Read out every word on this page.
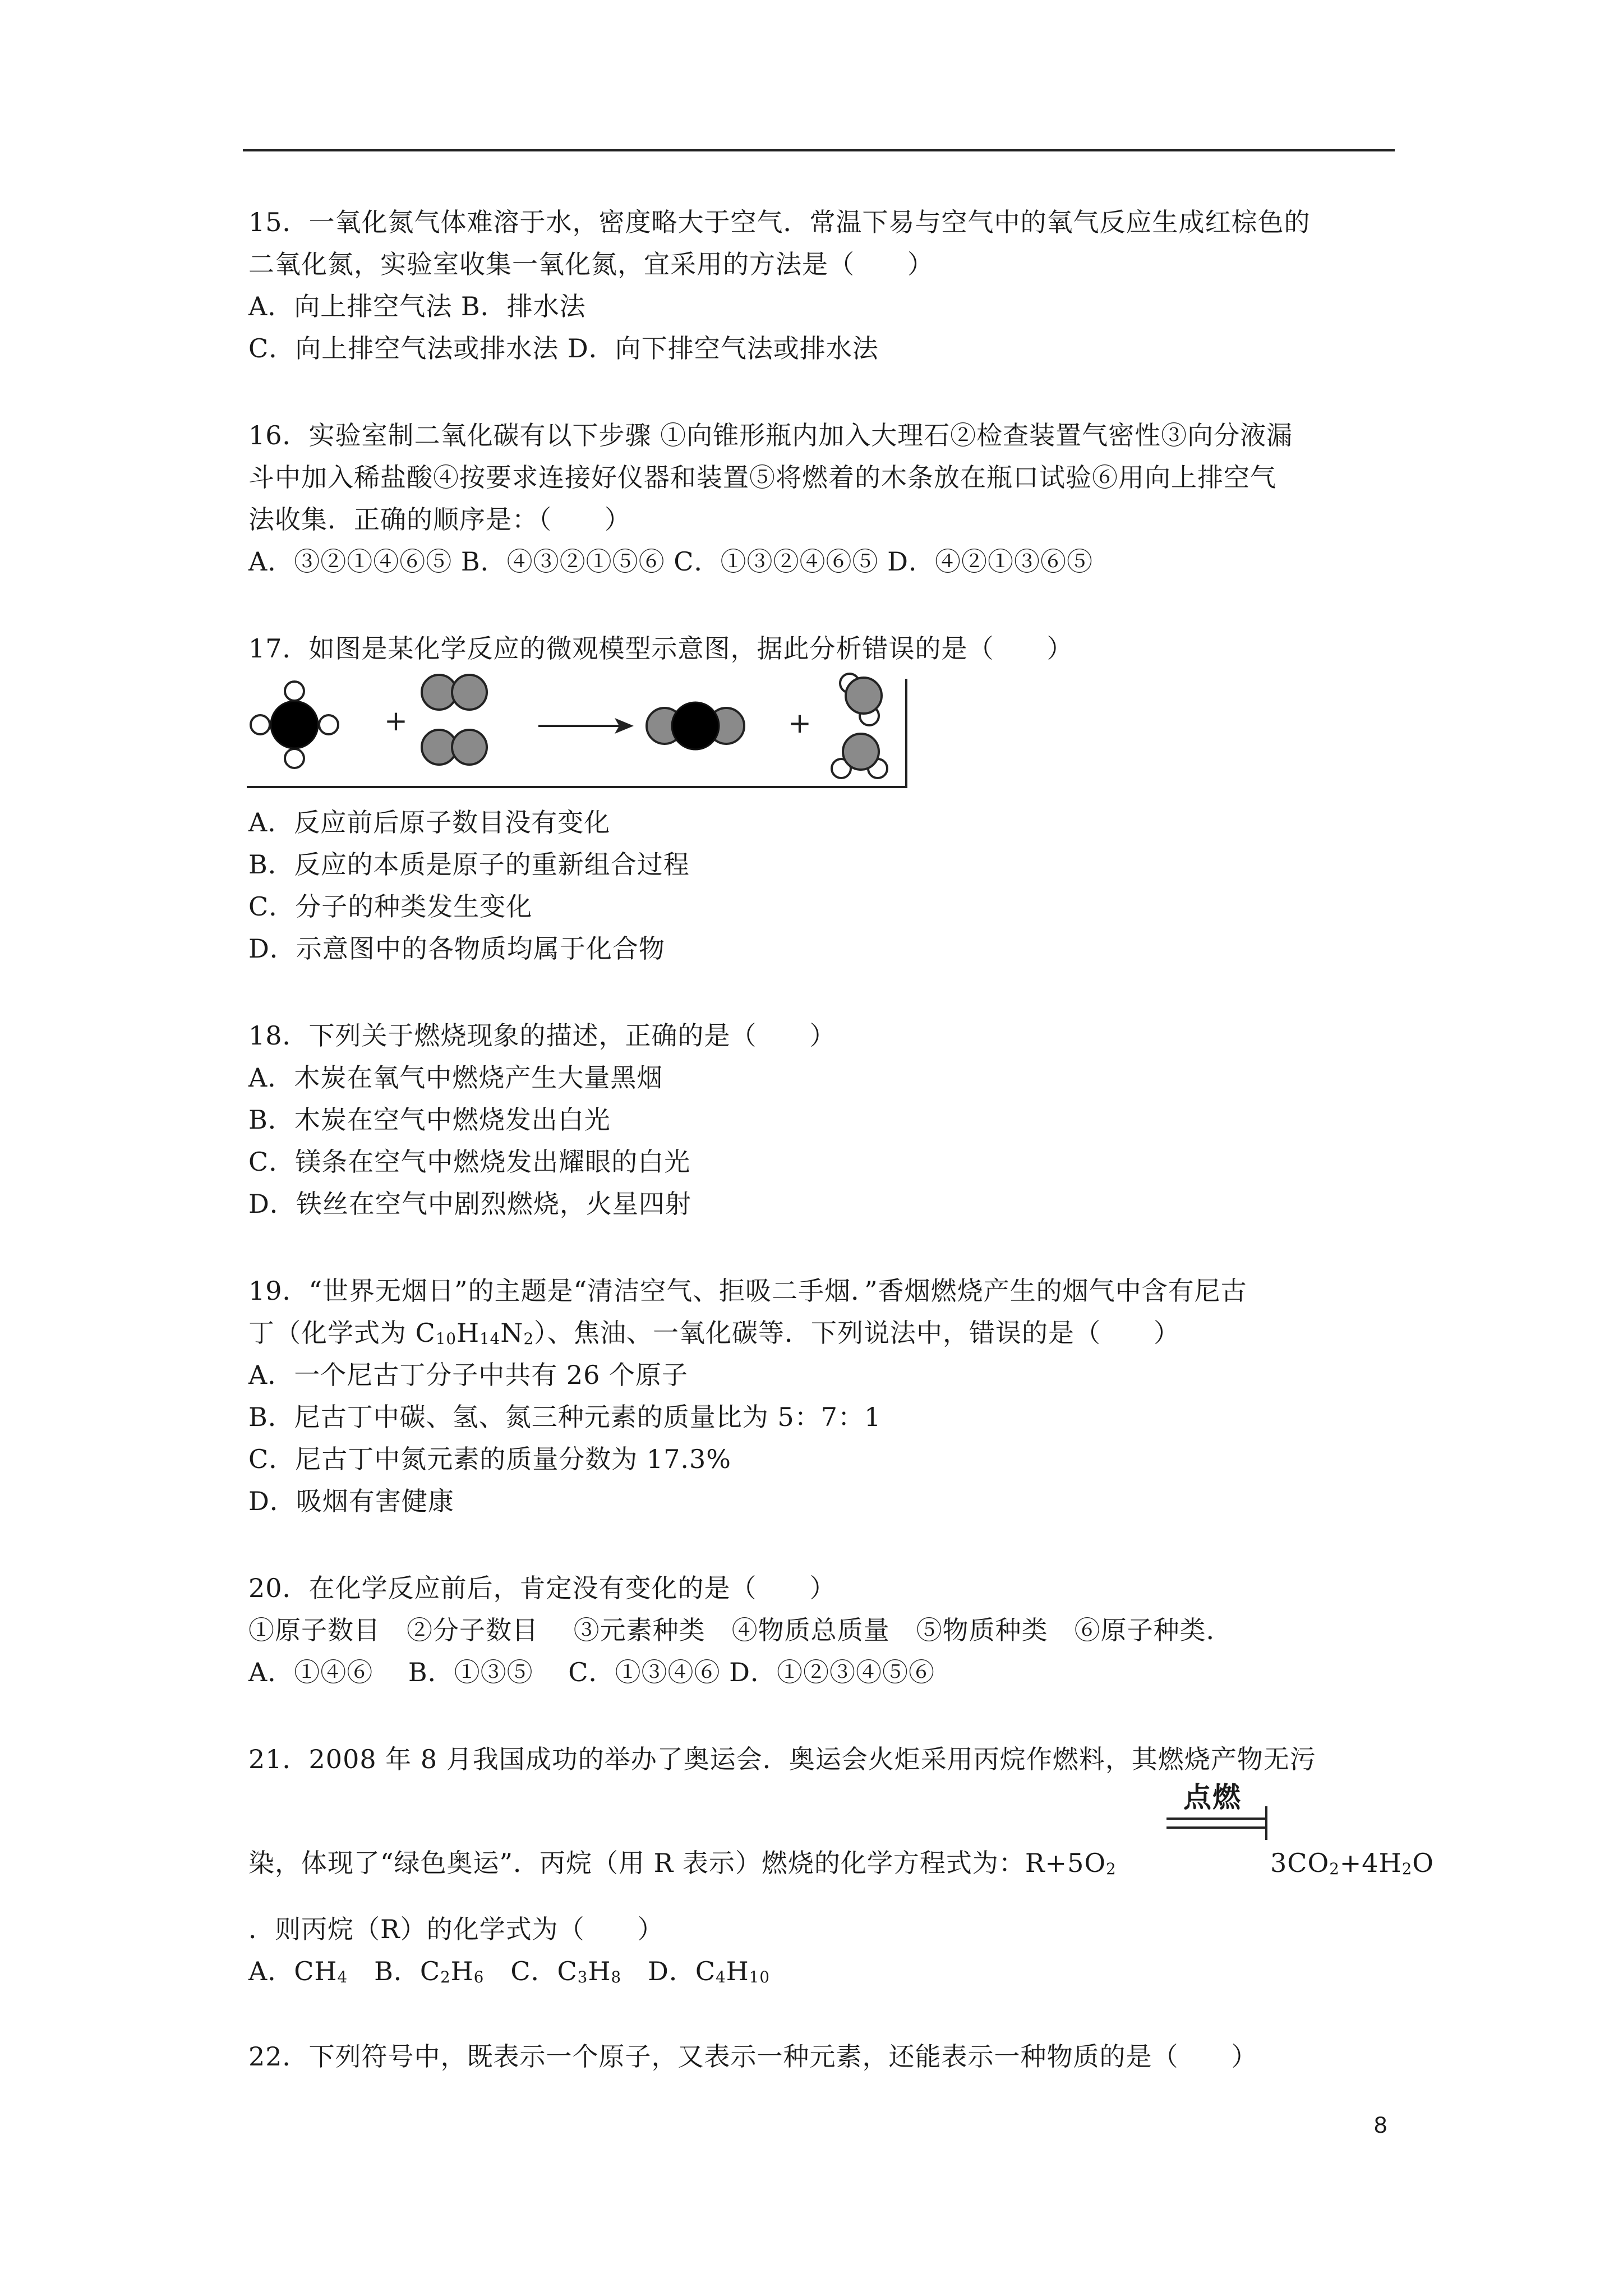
15．一氧化氮气体难溶于水，密度略大于空气．常温下易与空气中的氧气反应生成红棕色的
二氧化氮，实验室收集一氧化氮，宜采用的方法是（　　）
A．向上排空气法 B．排水法
C．向上排空气法或排水法 D．向下排空气法或排水法
16．实验室制二氧化碳有以下步骤 ①向锥形瓶内加入大理石②检查装置气密性③向分液漏
斗中加入稀盐酸④按要求连接好仪器和装置⑤将燃着的木条放在瓶口试验⑥用向上排空气
法收集．正确的顺序是：（　　）
A．③②①④⑥⑤ B．④③②①⑤⑥ C．①③②④⑥⑤ D．④②①③⑥⑤
17．如图是某化学反应的微观模型示意图，据此分析错误的是（　　）
+	+
A．反应前后原子数目没有变化
B．反应的本质是原子的重新组合过程
C．分子的种类发生变化
D．示意图中的各物质均属于化合物
18．下列关于燃烧现象的描述，正确的是（　　）
A．木炭在氧气中燃烧产生大量黑烟
B．木炭在空气中燃烧发出白光
C．镁条在空气中燃烧发出耀眼的白光
D．铁丝在空气中剧烈燃烧，火星四射
19．“世界无烟日”的主题是“清洁空气、拒吸二手烟．”香烟燃烧产生的烟气中含有尼古
丁（化学式为 $C_{10}H_{14}N_2$）、焦油、一氧化碳等．下列说法中，错误的是（　　）
A．一个尼古丁分子中共有 26 个原子
B．尼古丁中碳、氢、氮三种元素的质量比为 5：7：1
C．尼古丁中氮元素的质量分数为 17.3%
D．吸烟有害健康
20．在化学反应前后，肯定没有变化的是（　　）
①原子数目　②分子数目　 ③元素种类　④物质总质量　⑤物质种类　⑥原子种类．
A．①④⑥　 B．①③⑤　 C．①③④⑥ D．①②③④⑤⑥
21．2008 年 8 月我国成功的举办了奥运会．奥运会火炬采用丙烷作燃料，其燃烧产物无污
点燃
染，体现了“绿色奥运”．丙烷（用 R 表示）燃烧的化学方程式为：$R+5O_2$	$3CO_2+4H_2O$
．则丙烷（R）的化学式为（　　）
A．$CH_4$　B．$C_2H_6$　C．$C_3H_8$　D．$C_4H_{10}$
22．下列符号中，既表示一个原子，又表示一种元素，还能表示一种物质的是（　　）
8
